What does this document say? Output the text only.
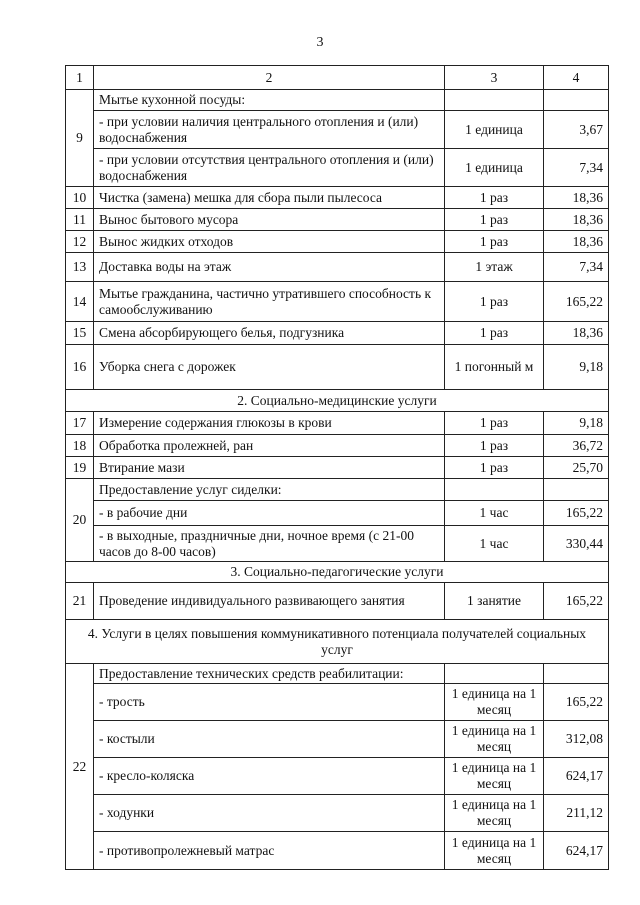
3
1	2	3	4
9	Мытье кухонной посуды:		
	- при условии наличия центрального отопления и (или) водоснабжения	1 единица	3,67
	- при условии отсутствия центрального отопления и (или) водоснабжения	1 единица	7,34
10	Чистка (замена) мешка для сбора пыли пылесоса	1 раз	18,36
11	Вынос бытового мусора	1 раз	18,36
12	Вынос жидких отходов	1 раз	18,36
13	Доставка воды на этаж	1 этаж	7,34
14	Мытье гражданина, частично утратившего способность к самообслуживанию	1 раз	165,22
15	Смена абсорбирующего белья, подгузника	1 раз	18,36
16	Уборка снега с дорожек	1 погонный м	9,18
2. Социально-медицинские услуги			
17	Измерение содержания глюкозы в крови	1 раз	9,18
18	Обработка пролежней, ран	1 раз	36,72
19	Втирание мази	1 раз	25,70
20	Предоставление услуг сиделки:		
	- в рабочие дни	1 час	165,22
	- в выходные, праздничные дни, ночное время (с 21-00 часов до 8-00 часов)	1 час	330,44
3. Социально-педагогические услуги			
21	Проведение индивидуального развивающего занятия	1 занятие	165,22
4. Услуги в целях повышения коммуникативного потенциала получателей социальных услуг			
22	Предоставление технических средств реабилитации:		
	- трость	1 единица на 1 месяц	165,22
	- костыли	1 единица на 1 месяц	312,08
	- кресло-коляска	1 единица на 1 месяц	624,17
	- ходунки	1 единица на 1 месяц	211,12
	- противопролежневый матрас	1 единица на 1 месяц	624,17
